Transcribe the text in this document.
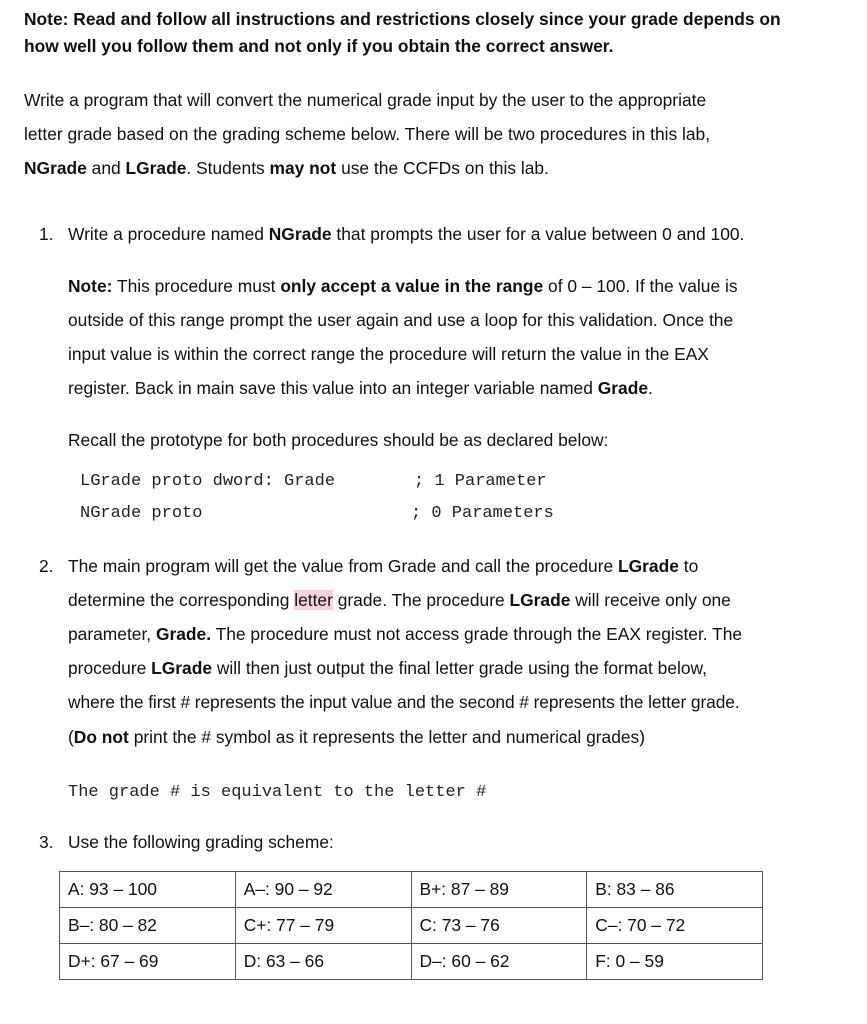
Note: Read and follow all instructions and restrictions closely since your grade depends on
how well you follow them and not only if you obtain the correct answer.
Write a program that will convert the numerical grade input by the user to the appropriate
letter grade based on the grading scheme below. There will be two procedures in this lab,
NGrade and LGrade. Students may not use the CCFDs on this lab.
1. Write a procedure named NGrade that prompts the user for a value between 0 and 100.
Note: This procedure must only accept a value in the range of 0 – 100. If the value is
outside of this range prompt the user again and use a loop for this validation. Once the
input value is within the correct range the procedure will return the value in the EAX
register. Back in main save this value into an integer variable named Grade.
Recall the prototype for both procedures should be as declared below:
LGrade proto dword: Grade	; 1 Parameter
NGrade proto	; 0 Parameters
2. The main program will get the value from Grade and call the procedure LGrade to
determine the corresponding letter grade. The procedure LGrade will receive only one
parameter, Grade. The procedure must not access grade through the EAX register. The
procedure LGrade will then just output the final letter grade using the format below,
where the first # represents the input value and the second # represents the letter grade.
(Do not print the # symbol as it represents the letter and numerical grades)
The grade # is equivalent to the letter #
3. Use the following grading scheme:
A: 93 – 100	A–: 90 – 92	B+: 87 – 89	B: 83 – 86
B–: 80 – 82	C+: 77 – 79	C: 73 – 76	C–: 70 – 72
D+: 67 – 69	D: 63 – 66	D–: 60 – 62	F: 0 – 59
